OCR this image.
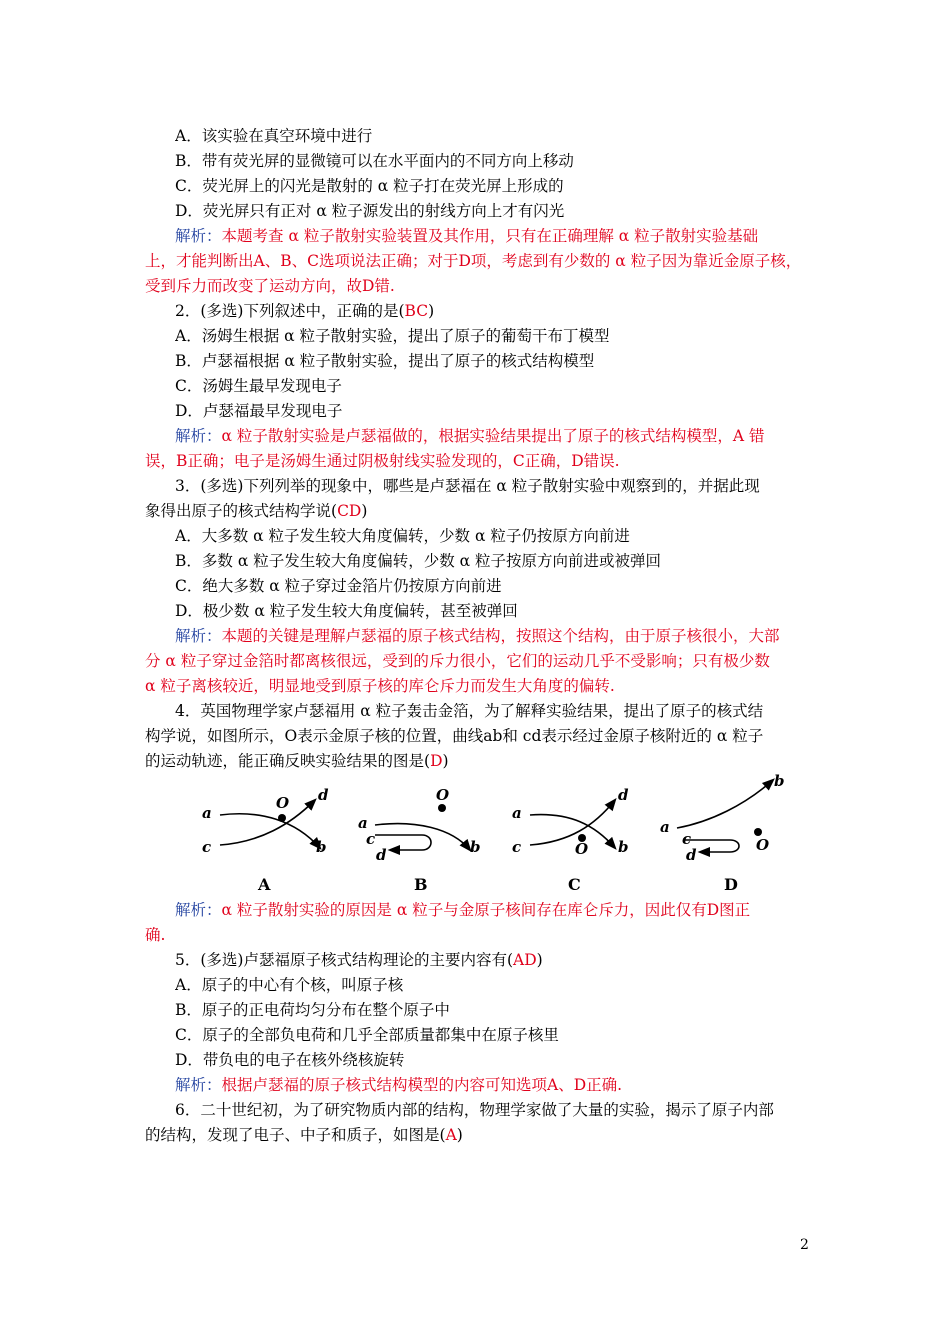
A．该实验在真空环境中进行
B．带有荧光屏的显微镜可以在水平面内的不同方向上移动
C．荧光屏上的闪光是散射的 α 粒子打在荧光屏上形成的
D．荧光屏只有正对 α 粒子源发出的射线方向上才有闪光
解析：本题考查 α 粒子散射实验装置及其作用，只有在正确理解 α 粒子散射实验基础
上，才能判断出A、B、C选项说法正确；对于D项，考虑到有少数的 α 粒子因为靠近金原子核，
受到斥力而改变了运动方向，故D错.
2．(多选)下列叙述中，正确的是(BC)
A．汤姆生根据 α 粒子散射实验，提出了原子的葡萄干布丁模型
B．卢瑟福根据 α 粒子散射实验，提出了原子的核式结构模型
C．汤姆生最早发现电子
D．卢瑟福最早发现电子
解析：α 粒子散射实验是卢瑟福做的，根据实验结果提出了原子的核式结构模型，A 错
误，B正确；电子是汤姆生通过阴极射线实验发现的，C正确，D错误.
3．(多选)下列列举的现象中，哪些是卢瑟福在 α 粒子散射实验中观察到的，并据此现
象得出原子的核式结构学说(CD)
A．大多数 α 粒子发生较大角度偏转，少数 α 粒子仍按原方向前进
B．多数 α 粒子发生较大角度偏转，少数 α 粒子按原方向前进或被弹回
C．绝大多数 α 粒子穿过金箔片仍按原方向前进
D．极少数 α 粒子发生较大角度偏转，甚至被弹回
解析：本题的关键是理解卢瑟福的原子核式结构，按照这个结构，由于原子核很小，大部
分 α 粒子穿过金箔时都离核很远，受到的斥力很小，它们的运动几乎不受影响；只有极少数
α 粒子离核较近，明显地受到原子核的库仑斥力而发生大角度的偏转.
4．英国物理学家卢瑟福用 α 粒子轰击金箔，为了解释实验结果，提出了原子的核式结
构学说，如图所示，O表示金原子核的位置，曲线ab和 cd表示经过金原子核附近的 α 粒子
的运动轨迹，能正确反映实验结果的图是(D)
O
a
c
d
b
A
O
a
c
d	b
B
O
a
c
d
b
C
O
a
c
d
b
D
解析：α 粒子散射实验的原因是 α 粒子与金原子核间存在库仑斥力，因此仅有D图正
确.
5．(多选)卢瑟福原子核式结构理论的主要内容有(AD)
A．原子的中心有个核，叫原子核
B．原子的正电荷均匀分布在整个原子中
C．原子的全部负电荷和几乎全部质量都集中在原子核里
D．带负电的电子在核外绕核旋转
解析：根据卢瑟福的原子核式结构模型的内容可知选项A、D正确.
6．二十世纪初，为了研究物质内部的结构，物理学家做了大量的实验，揭示了原子内部
的结构，发现了电子、中子和质子，如图是(A)
2
